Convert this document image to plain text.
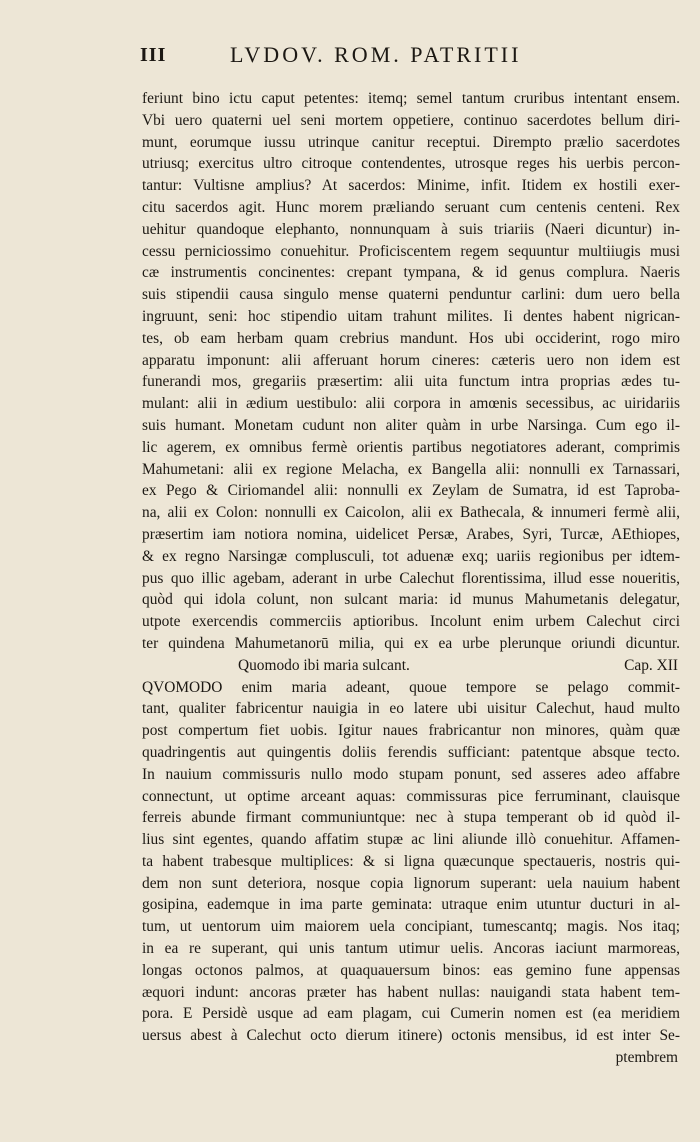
III	LVDOV. ROM. PATRITII
feriunt bino ictu caput petentes: itemq; semel tantum cruribus intentant ensem.
Vbi uero quaterni uel seni mortem oppetiere, continuo sacerdotes bellum diri-
munt, eorumque iussu utrinque canitur receptui. Dirempto prælio sacerdotes
utriusq; exercitus ultro citroque contendentes, utrosque reges his uerbis percon-
tantur: Vultisne amplius? At sacerdos: Minime, infit. Itidem ex hostili exer-
citu sacerdos agit. Hunc morem præliando seruant cum centenis centeni. Rex
uehitur quandoque elephanto, nonnunquam à suis triariis (Naeri dicuntur) in-
cessu perniciossimo conuehitur. Proficiscentem regem sequuntur multiiugis musi
cæ instrumentis concinentes: crepant tympana, & id genus complura. Naeris
suis stipendii causa singulo mense quaterni penduntur carlini: dum uero bella
ingruunt, seni: hoc stipendio uitam trahunt milites. Ii dentes habent nigrican-
tes, ob eam herbam quam crebrius mandunt. Hos ubi occiderint, rogo miro
apparatu imponunt: alii afferuant horum cineres: cæteris uero non idem est
funerandi mos, gregariis præsertim: alii uita functum intra proprias ædes tu-
mulant: alii in ædium uestibulo: alii corpora in amœnis secessibus, ac uiridariis
suis humant. Monetam cudunt non aliter quàm in urbe Narsinga. Cum ego il-
lic agerem, ex omnibus fermè orientis partibus negotiatores aderant, comprimis
Mahumetani: alii ex regione Melacha, ex Bangella alii: nonnulli ex Tarnassari,
ex Pego & Ciriomandel alii: nonnulli ex Zeylam de Sumatra, id est Taproba-
na, alii ex Colon: nonnulli ex Caicolon, alii ex Bathecala, & innumeri fermè alii,
præsertim iam notiora nomina, uidelicet Persæ, Arabes, Syri, Turcæ, AEthiopes,
& ex regno Narsingæ complusculi, tot aduenæ exq; uariis regionibus per idtem-
pus quo illic agebam, aderant in urbe Calechut florentissima, illud esse noueritis,
quòd qui idola colunt, non sulcant maria: id munus Mahumetanis delegatur,
utpote exercendis commerciis aptioribus. Incolunt enim urbem Calechut circi
ter quindena Mahumetanorū milia, qui ex ea urbe plerunque oriundi dicuntur.
Quomodo ibi maria sulcant.	Cap. XII
QVOMODO enim maria adeant, quoue tempore se pelago commit-
tant, qualiter fabricentur nauigia in eo latere ubi uisitur Calechut, haud multo
post compertum fiet uobis. Igitur naues frabricantur non minores, quàm quæ
quadringentis aut quingentis doliis ferendis sufficiant: patentque absque tecto.
In nauium commissuris nullo modo stupam ponunt, sed asseres adeo affabre
connectunt, ut optime arceant aquas: commissuras pice ferruminant, clauisque
ferreis abunde firmant communiuntque: nec à stupa temperant ob id quòd il-
lius sint egentes, quando affatim stupæ ac lini aliunde illò conuehitur. Affamen-
ta habent trabesque multiplices: & si ligna quæcunque spectaueris, nostris qui-
dem non sunt deteriora, nosque copia lignorum superant: uela nauium habent
gosipina, eademque in ima parte geminata: utraque enim utuntur ducturi in al-
tum, ut uentorum uim maiorem uela concipiant, tumescantq; magis. Nos itaq;
in ea re superant, qui unis tantum utimur uelis. Ancoras iaciunt marmoreas,
longas octonos palmos, at quaquauersum binos: eas gemino fune appensas
æquori indunt: ancoras præter has habent nullas: nauigandi stata habent tem-
pora. E Persidè usque ad eam plagam, cui Cumerin nomen est (ea meridiem
uersus abest à Calechut octo dierum itinere) octonis mensibus, id est inter Se-
ptembrem
